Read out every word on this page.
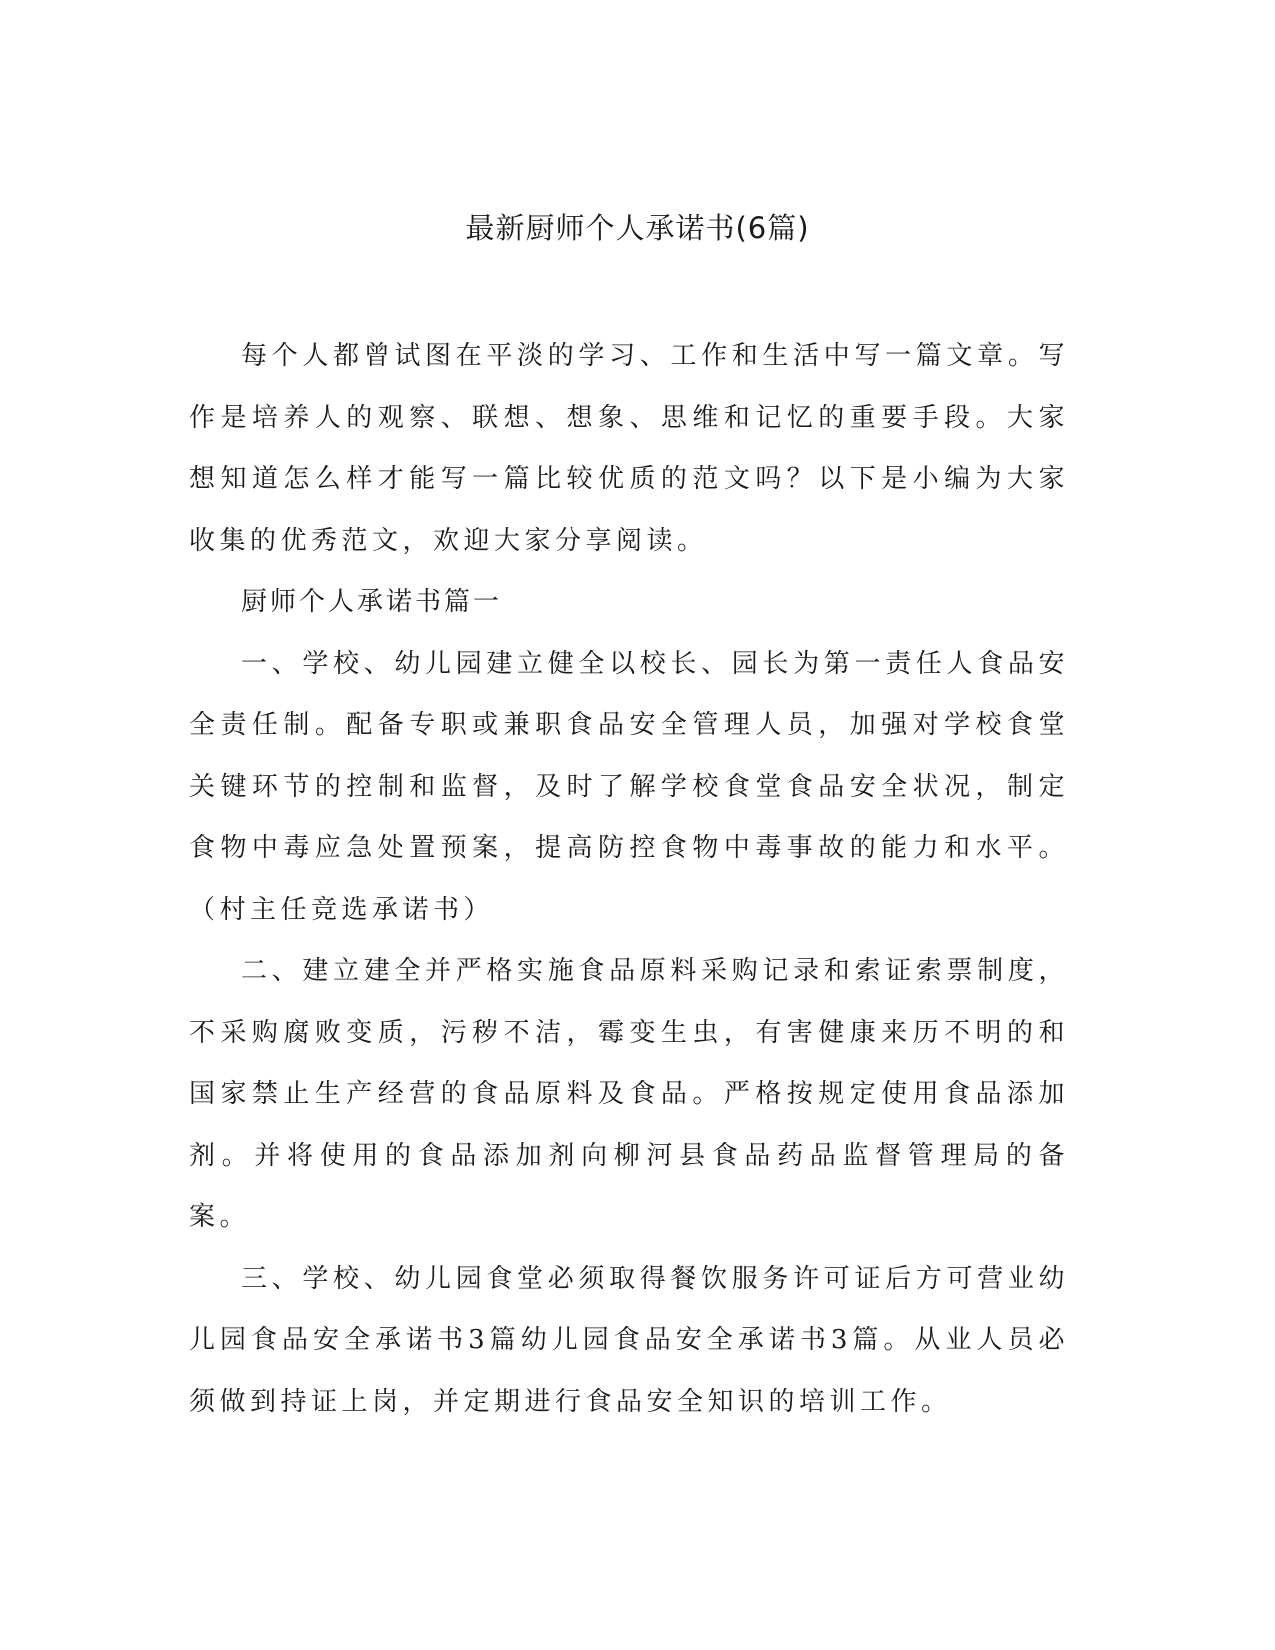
最新厨师个人承诺书(6篇)

每个人都曾试图在平淡的学习、工作和生活中写一篇文章。写作是培养人的观察、联想、想象、思维和记忆的重要手段。大家想知道怎么样才能写一篇比较优质的范文吗？以下是小编为大家收集的优秀范文，欢迎大家分享阅读。

厨师个人承诺书篇一

一、学校、幼儿园建立健全以校长、园长为第一责任人食品安全责任制。配备专职或兼职食品安全管理人员，加强对学校食堂关键环节的控制和监督，及时了解学校食堂食品安全状况，制定食物中毒应急处置预案，提高防控食物中毒事故的能力和水平。（村主任竞选承诺书）

二、建立建全并严格实施食品原料采购记录和索证索票制度，不采购腐败变质，污秽不洁，霉变生虫，有害健康来历不明的和国家禁止生产经营的食品原料及食品。严格按规定使用食品添加剂。并将使用的食品添加剂向柳河县食品药品监督管理局的备案。

三、学校、幼儿园食堂必须取得餐饮服务许可证后方可营业幼儿园食品安全承诺书3篇幼儿园食品安全承诺书3篇。从业人员必须做到持证上岗，并定期进行食品安全知识的培训工作。
